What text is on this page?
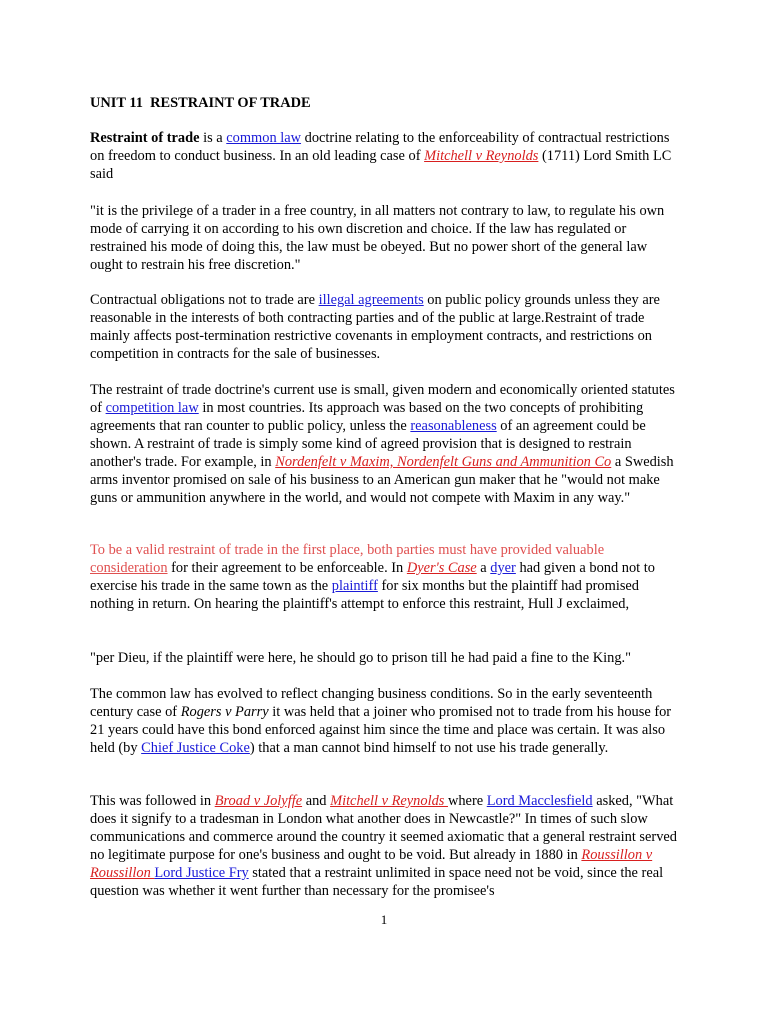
UNIT 11  RESTRAINT OF TRADE

Restraint of trade is a common law doctrine relating to the enforceability of contractual restrictions on freedom to conduct business. In an old leading case of Mitchell v Reynolds (1711) Lord Smith LC said

"it is the privilege of a trader in a free country, in all matters not contrary to law, to regulate his own mode of carrying it on according to his own discretion and choice. If the law has regulated or restrained his mode of doing this, the law must be obeyed. But no power short of the general law ought to restrain his free discretion."

Contractual obligations not to trade are illegal agreements on public policy grounds unless they are reasonable in the interests of both contracting parties and of the public at large.Restraint of trade mainly affects post-termination restrictive covenants in employment contracts, and restrictions on competition in contracts for the sale of businesses.

The restraint of trade doctrine's current use is small, given modern and economically oriented statutes of competition law in most countries. Its approach was based on the two concepts of prohibiting agreements that ran counter to public policy, unless the reasonableness of an agreement could be shown. A restraint of trade is simply some kind of agreed provision that is designed to restrain another's trade. For example, in Nordenfelt v Maxim, Nordenfelt Guns and Ammunition Co a Swedish arms inventor promised on sale of his business to an American gun maker that he "would not make guns or ammunition anywhere in the world, and would not compete with Maxim in any way."

To be a valid restraint of trade in the first place, both parties must have provided valuable consideration for their agreement to be enforceable. In Dyer's Case a dyer had given a bond not to exercise his trade in the same town as the plaintiff for six months but the plaintiff had promised nothing in return. On hearing the plaintiff's attempt to enforce this restraint, Hull J exclaimed,

"per Dieu, if the plaintiff were here, he should go to prison till he had paid a fine to the King."

The common law has evolved to reflect changing business conditions. So in the early seventeenth century case of Rogers v Parry it was held that a joiner who promised not to trade from his house for 21 years could have this bond enforced against him since the time and place was certain. It was also held (by Chief Justice Coke) that a man cannot bind himself to not use his trade generally.

This was followed in Broad v Jolyffe and Mitchell v Reynolds where Lord Macclesfield asked, "What does it signify to a tradesman in London what another does in Newcastle?" In times of such slow communications and commerce around the country it seemed axiomatic that a general restraint served no legitimate purpose for one's business and ought to be void. But already in 1880 in Roussillon v Roussillon Lord Justice Fry stated that a restraint unlimited in space need not be void, since the real question was whether it went further than necessary for the promisee's

1
